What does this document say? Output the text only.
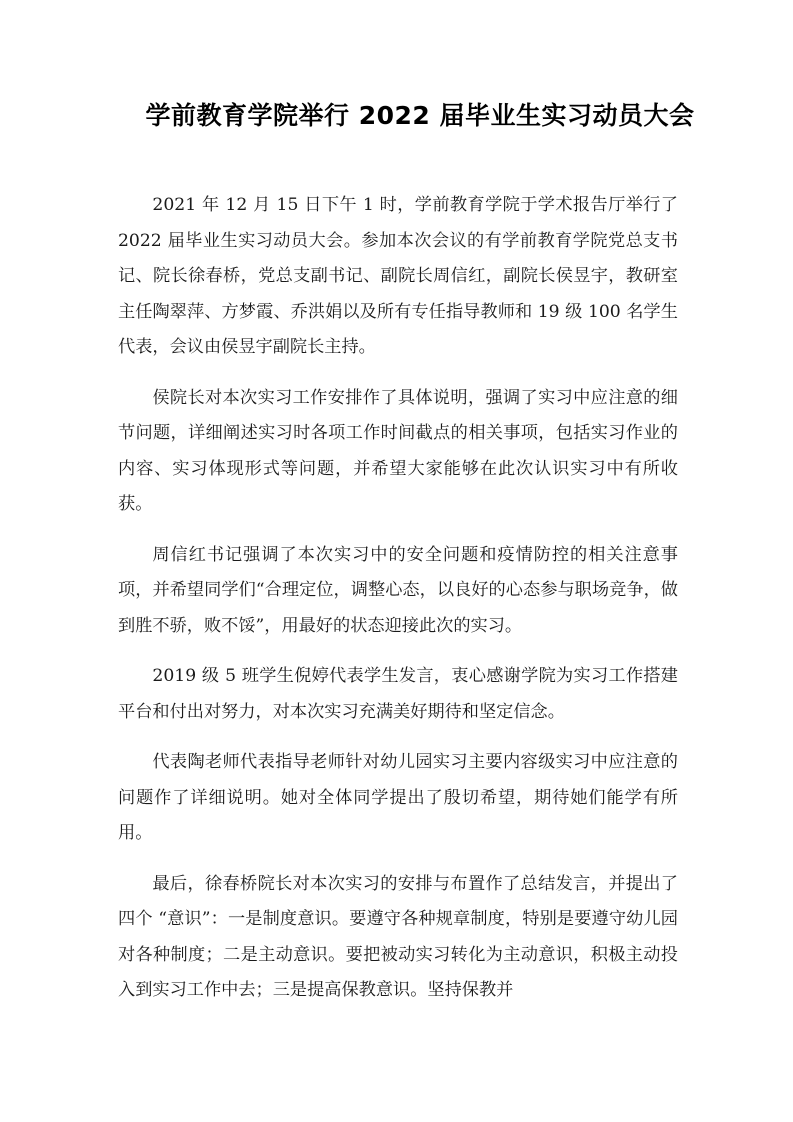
学前教育学院举行 2022 届毕业生实习动员大会

2021 年 12 月 15 日下午 1 时，学前教育学院于学术报告厅举行了 2022 届毕业生实习动员大会。参加本次会议的有学前教育学院党总支书记、院长徐春桥，党总支副书记、副院长周信红，副院长侯昱宇，教研室主任陶翠萍、方梦霞、乔洪娟以及所有专任指导教师和 19 级 100 名学生代表，会议由侯昱宇副院长主持。

侯院长对本次实习工作安排作了具体说明，强调了实习中应注意的细节问题，详细阐述实习时各项工作时间截点的相关事项，包括实习作业的内容、实习体现形式等问题，并希望大家能够在此次认识实习中有所收获。

周信红书记强调了本次实习中的安全问题和疫情防控的相关注意事项，并希望同学们“合理定位，调整心态，以良好的心态参与职场竞争，做到胜不骄，败不馁”，用最好的状态迎接此次的实习。

2019 级 5 班学生倪婷代表学生发言，衷心感谢学院为实习工作搭建平台和付出对努力，对本次实习充满美好期待和坚定信念。

代表陶老师代表指导老师针对幼儿园实习主要内容级实习中应注意的问题作了详细说明。她对全体同学提出了殷切希望，期待她们能学有所用。

最后，徐春桥院长对本次实习的安排与布置作了总结发言，并提出了四个 “意识”：一是制度意识。要遵守各种规章制度，特别是要遵守幼儿园对各种制度；二是主动意识。要把被动实习转化为主动意识，积极主动投入到实习工作中去；三是提高保教意识。坚持保教并
